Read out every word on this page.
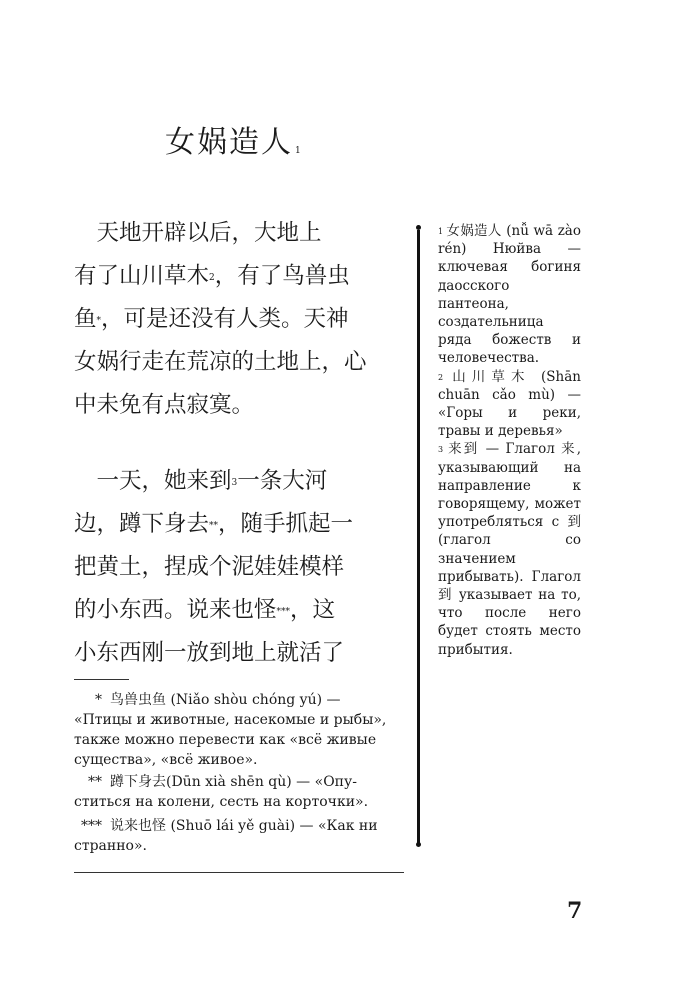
女娲造人 $^1$
　天地开辟以后，大地上
有了山川草木$^2$，有了鸟兽虫
鱼*，可是还没有人类。天神
女娲行走在荒凉的土地上，心
中未免有点寂寞。
　一天，她来到$^3$一条大河
边，蹲下身去**，随手抓起一
把黄土，捏成个泥娃娃模样
的小东西。说来也怪***，这
小东西刚一放到地上就活了
* 鸟兽虫鱼 (Niǎo shòu chóng yú) —
«Птицы и животные, насекомые и рыбы», также можно перевести как «всё живые существа», «всё живое».
** 蹲下身去(Dūn xià shēn qù) — «Опу-
ститься на колени, сесть на корточки».
*** 说来也怪 (Shuō lái yě guài) — «Как ни
странно».

$^1$ 女娲造人 (nǚ wā zào rén) Нюйва — ключевая богиня даосского пантеона, создательница ряда божеств и человечества.

$^2$ 山川草木 (Shān chuān cǎo mù) — «Горы и реки, травы и деревья»

$^3$ 来到 — Глагол 来, указывающий на направление к говорящему, может употребляться с 到 (глагол со значением прибывать). Глагол 到 указывает на то, что после него будет стоять место прибытия.

7
